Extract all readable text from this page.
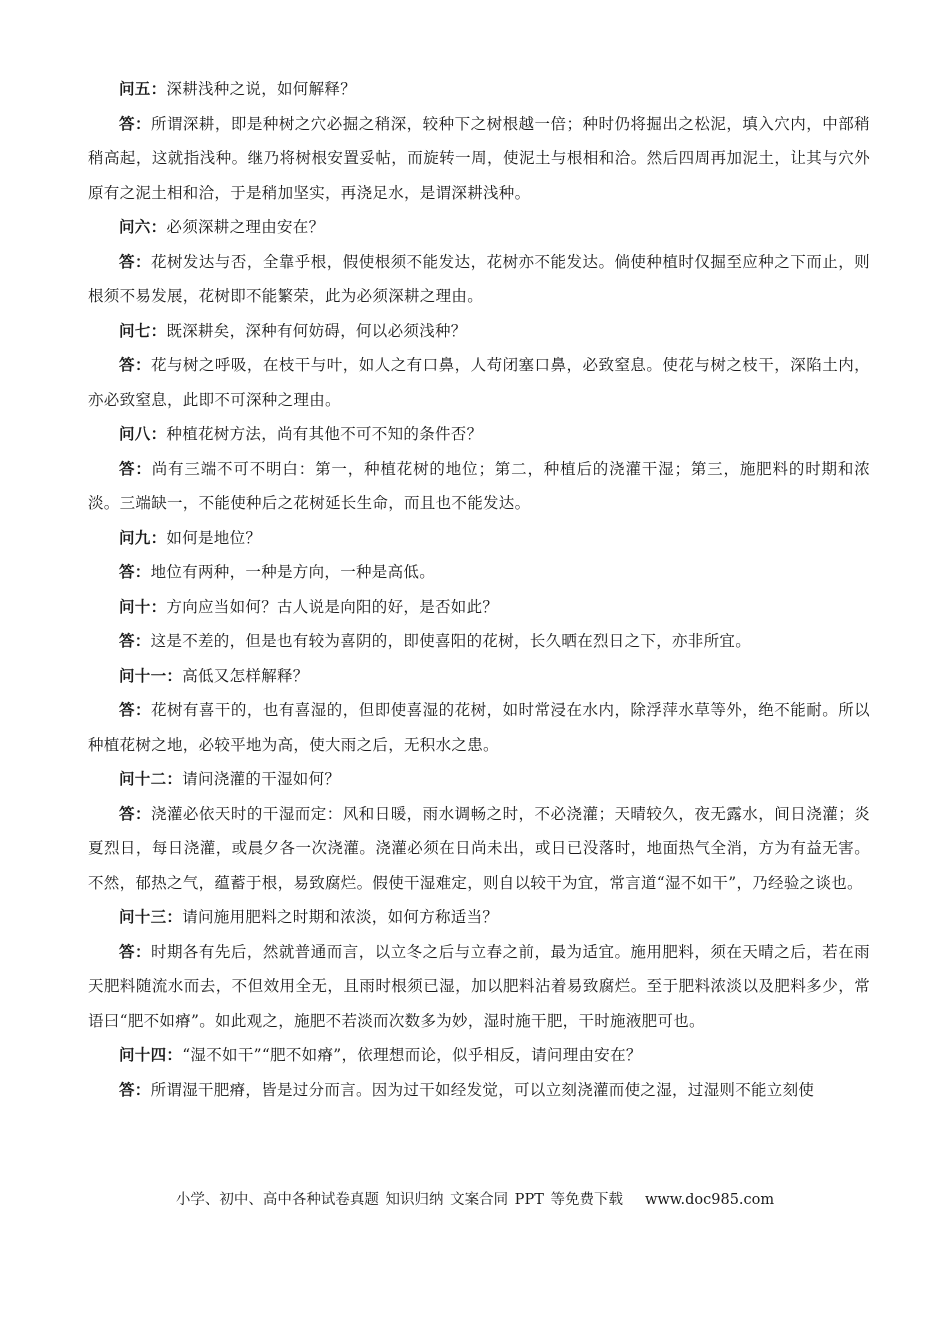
问五：深耕浅种之说，如何解释？

答：所谓深耕，即是种树之穴必掘之稍深，较种下之树根越一倍；种时仍将掘出之松泥，填入穴内，中部稍稍高起，这就指浅种。继乃将树根安置妥帖，而旋转一周，使泥土与根相和洽。然后四周再加泥土，让其与穴外原有之泥土相和洽，于是稍加坚实，再浇足水，是谓深耕浅种。

问六：必须深耕之理由安在？

答：花树发达与否，全靠乎根，假使根须不能发达，花树亦不能发达。倘使种植时仅掘至应种之下而止，则根须不易发展，花树即不能繁荣，此为必须深耕之理由。

问七：既深耕矣，深种有何妨碍，何以必须浅种？

答：花与树之呼吸，在枝干与叶，如人之有口鼻，人苟闭塞口鼻，必致窒息。使花与树之枝干，深陷土内，亦必致窒息，此即不可深种之理由。

问八：种植花树方法，尚有其他不可不知的条件否？

答：尚有三端不可不明白：第一，种植花树的地位；第二，种植后的浇灌干湿；第三，施肥料的时期和浓淡。三端缺一，不能使种后之花树延长生命，而且也不能发达。

问九：如何是地位？

答：地位有两种，一种是方向，一种是高低。

问十：方向应当如何？古人说是向阳的好，是否如此？

答：这是不差的，但是也有较为喜阴的，即使喜阳的花树，长久晒在烈日之下，亦非所宜。

问十一：高低又怎样解释？

答：花树有喜干的，也有喜湿的，但即使喜湿的花树，如时常浸在水内，除浮萍水草等外，绝不能耐。所以种植花树之地，必较平地为高，使大雨之后，无积水之患。

问十二：请问浇灌的干湿如何？

答：浇灌必依天时的干湿而定：风和日暖，雨水调畅之时，不必浇灌；天晴较久，夜无露水，间日浇灌；炎夏烈日，每日浇灌，或晨夕各一次浇灌。浇灌必须在日尚未出，或日已没落时，地面热气全消，方为有益无害。不然，郁热之气，蕴蓄于根，易致腐烂。假使干湿难定，则自以较干为宜，常言道“湿不如干”，乃经验之谈也。

问十三：请问施用肥料之时期和浓淡，如何方称适当？

答：时期各有先后，然就普通而言，以立冬之后与立春之前，最为适宜。施用肥料，须在天晴之后，若在雨天肥料随流水而去，不但效用全无，且雨时根须已湿，加以肥料沾着易致腐烂。至于肥料浓淡以及肥料多少，常语曰“肥不如瘠”。如此观之，施肥不若淡而次数多为妙，湿时施干肥，干时施液肥可也。

问十四：“湿不如干”“肥不如瘠”，依理想而论，似乎相反，请问理由安在？

答：所谓湿干肥瘠，皆是过分而言。因为过干如经发觉，可以立刻浇灌而使之湿，过湿则不能立刻使

小学、初中、高中各种试卷真题 知识归纳 文案合同 PPT 等免费下载 www.doc985.com
